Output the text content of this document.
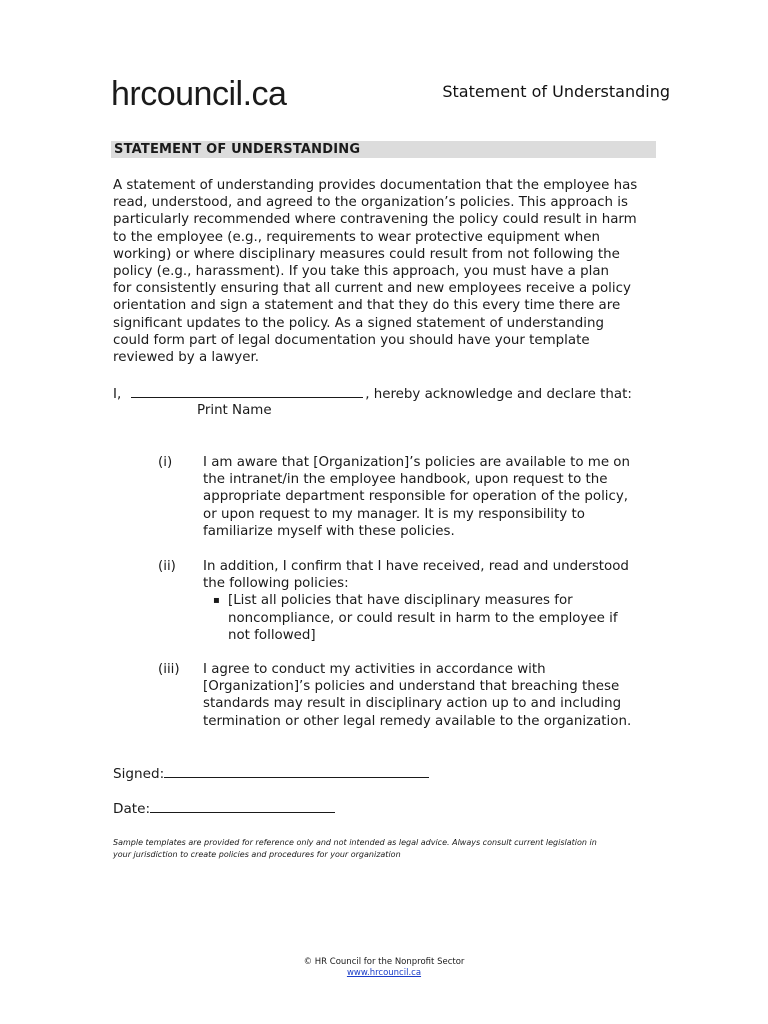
hrcouncil.ca	Statement of Understanding
STATEMENT OF UNDERSTANDING
A statement of understanding provides documentation that the employee has
read, understood, and agreed to the organization’s policies. This approach is
particularly recommended where contravening the policy could result in harm
to the employee (e.g., requirements to wear protective equipment when
working) or where disciplinary measures could result from not following the
policy (e.g., harassment). If you take this approach, you must have a plan
for consistently ensuring that all current and new employees receive a policy
orientation and sign a statement and that they do this every time there are
significant updates to the policy. As a signed statement of understanding
could form part of legal documentation you should have your template
reviewed by a lawyer.
I,	, hereby acknowledge and declare that:
Print Name
(i) I am aware that [Organization]’s policies are available to me on
the intranet/in the employee handbook, upon request to the
appropriate department responsible for operation of the policy,
or upon request to my manager. It is my responsibility to
familiarize myself with these policies.
(ii) In addition, I confirm that I have received, read and understood
the following policies:
▪ [List all policies that have disciplinary measures for
noncompliance, or could result in harm to the employee if
not followed]
(iii) I agree to conduct my activities in accordance with
[Organization]’s policies and understand that breaching these
standards may result in disciplinary action up to and including
termination or other legal remedy available to the organization.
Signed:
Date:
Sample templates are provided for reference only and not intended as legal advice. Always consult current legislation in
your jurisdiction to create policies and procedures for your organization
© HR Council for the Nonprofit Sector
www.hrcouncil.ca
